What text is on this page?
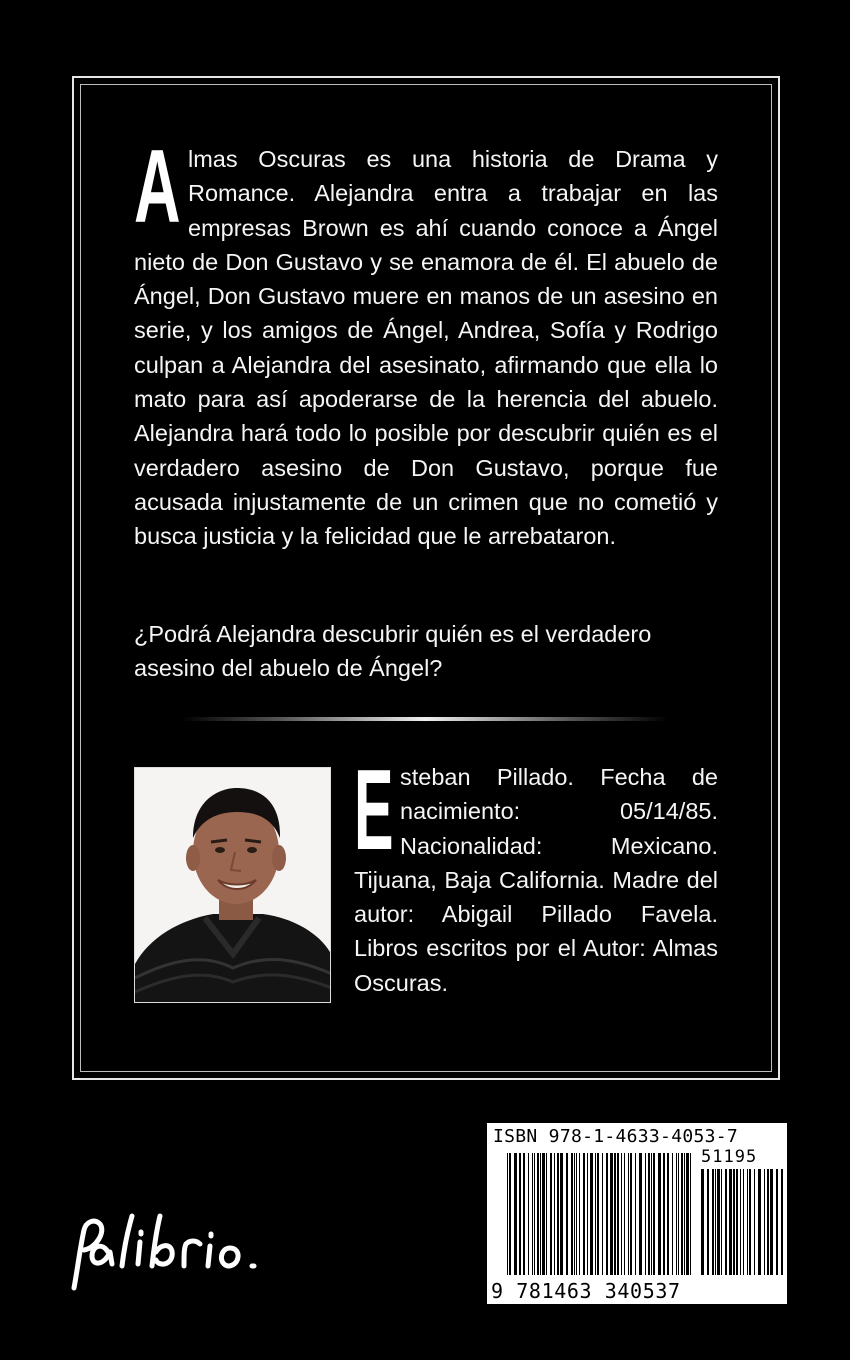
Almas Oscuras es una historia de Drama y Romance. Alejandra entra a trabajar en las empresas Brown es ahí cuando conoce a Ángel nieto de Don Gustavo y se enamora de él. El abuelo de Ángel, Don Gustavo muere en manos de un asesino en serie, y los amigos de Ángel, Andrea, Sofía y Rodrigo culpan a Alejandra del asesinato, afirmando que ella lo mato para así apoderarse de la herencia del abuelo. Alejandra hará todo lo posible por descubrir quién es el verdadero asesino de Don Gustavo, porque fue acusada injustamente de un crimen que no cometió y busca justicia y la felicidad que le arrebataron.

¿Podrá Alejandra descubrir quién es el verdadero asesino del abuelo de Ángel?

Esteban Pillado. Fecha de nacimiento: 05/14/85. Nacionalidad: Mexicano. Tijuana, Baja California. Madre del autor: Abigail Pillado Favela. Libros escritos por el Autor: Almas Oscuras.

ISBN 978-1-4633-4053-7
51195
9 781463 340537
